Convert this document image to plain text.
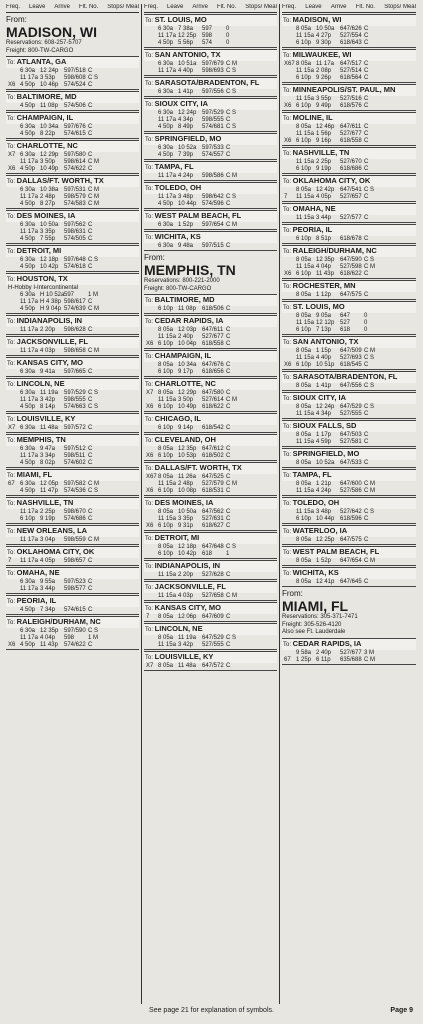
Freq. Leave Arrive Flt. No. Stops/ Meal
From:
MADISON, WI
Reservations: 608-257-5707
Freight: 800-TW-CARGO
To: ATLANTA, GA
6 30a 12 24p 597/518 C
11 17a 3 53p	598/608 C S
X6 4 50p 10 46p 574/524 C
To: BALTIMORE, MD
4 50p 11 08p	574/506 C
To: CHAMPAIGN, IL
6 30a 10 34a 597/676 C
4 50p 8 22p	574/615 C
To: CHARLOTTE, NC
X7 6 30a 12 29p 597/580 C
11 17a 3 50p	598/614 C M
X6 4 50p 10 49p 574/622 C
To: DALLAS/FT. WORTH, TX
6 30a 10 38a 597/531 C M
11 17a 2 48p	598/579 C M
4 50p 8 27p	574/583 C M
To: DES MOINES, IA
6 30a 10 50a 597/562 C
11 17a 3 35p	598/631 C
4 50p 7 55p	574/505 C
To: DETROIT, MI
6 30a 12 18p 597/648 C S
4 50p 10 42p 574/618 C
To: HOUSTON, TX
H-Hobby I-Intercontinental
6 30a H 10 52a 597	1 M
11 17a H 4 38p 598/617 C
4 50p H 9 04p 574/639 C M
To: INDIANAPOLIS, IN
11 17a 2 20p	598/628 C
To: JACKSONVILLE, FL
11 17a 4 03p	598/658 C M
To: KANSAS CITY, MO
6 30a 9 41a	597/665 C
To: LINCOLN, NE
6 30a 11 19a	597/529 C S
11 17a 3 42p	598/555 C
4 50p 8 14p	574/663 C S
To: LOUISVILLE, KY
X7 6 30a 11 48a	597/572 C
To: MEMPHIS, TN
6 30a 9 47a	597/512 C
11 17a 3 34p	598/511 C
4 50p 8 02p	574/602 C
To: MIAMI, FL
67 6 30a 12 05p 597/582 C M
4 50p 11 47p	574/536 C S
To: NASHVILLE, TN
11 17a 2 25p	598/670 C
6 10p 9 19p	574/686 C
To: NEW ORLEANS, LA
11 17a 3 04p	598/559 C M
To: OKLAHOMA CITY, OK
7	11 17a 4 05p	598/657 C
To: OMAHA, NE
6 30a 9 55a	597/523 C
11 17a 3 44p	598/577 C
To: PEORIA, IL
4 50p 7 34p	574/615 C
To: RALEIGH/DURHAM, NC
6 30a 12 35p 597/590 C S
11 17a 4 04p	598	1 M
X6 4 50p 11 43p	574/622 C
Freq. Leave Arrive Flt. No. Stops/ Meal
To: ST. LOUIS, MO
6 30a 7 38a	597	0
11 17a 12 25p 598	0
4 50p 5 56p	574	0
To: SAN ANTONIO, TX
6 30a 10 51a 597/679 C M
11 17a 4 40p	598/693 C S
To: SARASOTA/BRADENTON, FL
6 30a 1 41p	597/556 C S
To: SIOUX CITY, IA
6 30a 12 24p 597/529 C S
11 17a 4 34p	598/555 C
4 50p 8 49p	574/681 C S
To: SPRINGFIELD, MO
6 30a 10 52a 597/533 C
4 50p 7 39p	574/557 C
To: TAMPA, FL
11 17a 4 24p	598/586 C M
To: TOLEDO, OH
11 17a 3 48p	598/642 C S
4 50p 10 44p 574/596 C
To: WEST PALM BEACH, FL
6 30a 1 52p	597/654 C M
To: WICHITA, KS
6 30a 9 48a	597/515 C
From:
MEMPHIS, TN
Reservations: 800-221-2000
Freight: 800-TW-CARGO
To: BALTIMORE, MD
6 10p 11 08p	618/506 C
To: CEDAR RAPIDS, IA
8 05a 12 03p 647/611 C
11 15a 2 40p	527/677 C
X6 6 10p 10 04p 618/558 C
To: CHAMPAIGN, IL
8 05a 10 34a 647/676 C
6 10p 9 17p	618/656 C
To: CHARLOTTE, NC
X7 8 05a 12 29p 647/580 C
11 15a 3 50p	527/614 C M
X6 6 10p 10 49p 618/622 C
To: CHICAGO, IL
6 10p 9 14p	618/542 C
To: CLEVELAND, OH
8 05a 12 35p 647/612 C
X6 6 10p 10 53p 618/502 C
To: DALLAS/FT. WORTH, TX
X67 8 05a 11 26a	647/525 C
11 15a 2 48p	527/579 C M
X6 6 10p 10 08p 618/531 C
To: DES MOINES, IA
8 05a 10 50a 647/562 C
11 15a 3 35p	527/631 C
X6 6 10p 9 31p	618/627 C
To: DETROIT, MI
8 05a 12 18p 647/648 C S
6 10p 10 42p 618	1
To: INDIANAPOLIS, IN
11 15a 2 20p	527/628 C
To: JACKSONVILLE, FL
11 15a 4 03p	527/658 C M
To: KANSAS CITY, MO
7	8 05a 12 06p 647/609 C
To: LINCOLN, NE
8 05a 11 19a	647/529 C S
11 15a 3 42p	527/555 C
To: LOUISVILLE, KY
X7 8 05a 11 48a	647/572 C
Freq. Leave Arrive Flt. No. Stops/ Meal
To: MADISON, WI
8 05a 10 50a 647/626 C
11 15a 4 27p	527/554 C
6 10p 9 30p	618/643 C
To: MILWAUKEE, WI
X67 8 05a 11 17a	647/517 C
11 15a 2 08p	527/514 C
6 10p 9 26p	618/564 C
To: MINNEAPOLIS/ST. PAUL, MN
11 15a 3 55p	527/516 C
X6 6 10p 9 49p	618/576 C
To: MOLINE, IL
8 05a 12 46p 647/611 C
11 15a 1 56p	527/677 C
X6 6 10p 9 16p	618/558 C
To: NASHVILLE, TN
11 15a 2 25p	527/670 C
6 10p 9 19p	618/686 C
To: OKLAHOMA CITY, OK
8 05a 12 42p 647/541 C S
7	11 15a 4 05p	527/657 C
To: OMAHA, NE
11 15a 3 44p	527/577 C
To: PEORIA, IL
6 10p 8 51p	618/678 C
To: RALEIGH/DURHAM, NC
8 05a 12 35p 647/590 C S
11 15a 4 04p	527/598 C M
X6 6 10p 11 43p	618/622 C
To: ROCHESTER, MN
8 05a 1 12p	647/575 C
To: ST. LOUIS, MO
8 05a 9 05a	647	0
11 15a 12 12p 527	0
6 10p 7 13p	618	0
To: SAN ANTONIO, TX
8 05a 1 15p	647/509 C M
11 15a 4 40p	527/693 C S
X6 6 10p 10 51p 618/545 C
To: SARASOTA/BRADENTON, FL
8 05a 1 41p	647/556 C S
To: SIOUX CITY, IA
8 05a 12 24p 647/529 C S
11 15a 4 34p	527/555 C
To: SIOUX FALLS, SD
8 05a 1 17p	647/503 C
11 15a 4 59p	527/581 C
To: SPRINGFIELD, MO
8 05a 10 52a 647/533 C
To: TAMPA, FL
8 05a 1 21p	647/600 C M
11 15a 4 24p	527/586 C M
To: TOLEDO, OH
11 15a 3 48p	527/642 C S
6 10p 10 44p 618/596 C
To: WATERLOO, IA
8 05a 12 25p 647/575 C
To: WEST PALM BEACH, FL
8 05a 1 52p	647/654 C M
To: WICHITA, KS
8 05a 12 41p 647/645 C
From:
MIAMI, FL
Reservations: 305-371-7471
Freight: 305-526-4120
Also see Ft. Lauderdale
To: CEDAR RAPIDS, IA
9 58a 2 40p	527/677 3 M
67 1 25p 6 11p	635/688 C M
See page 21 for explanation of symbols.	Page 9
